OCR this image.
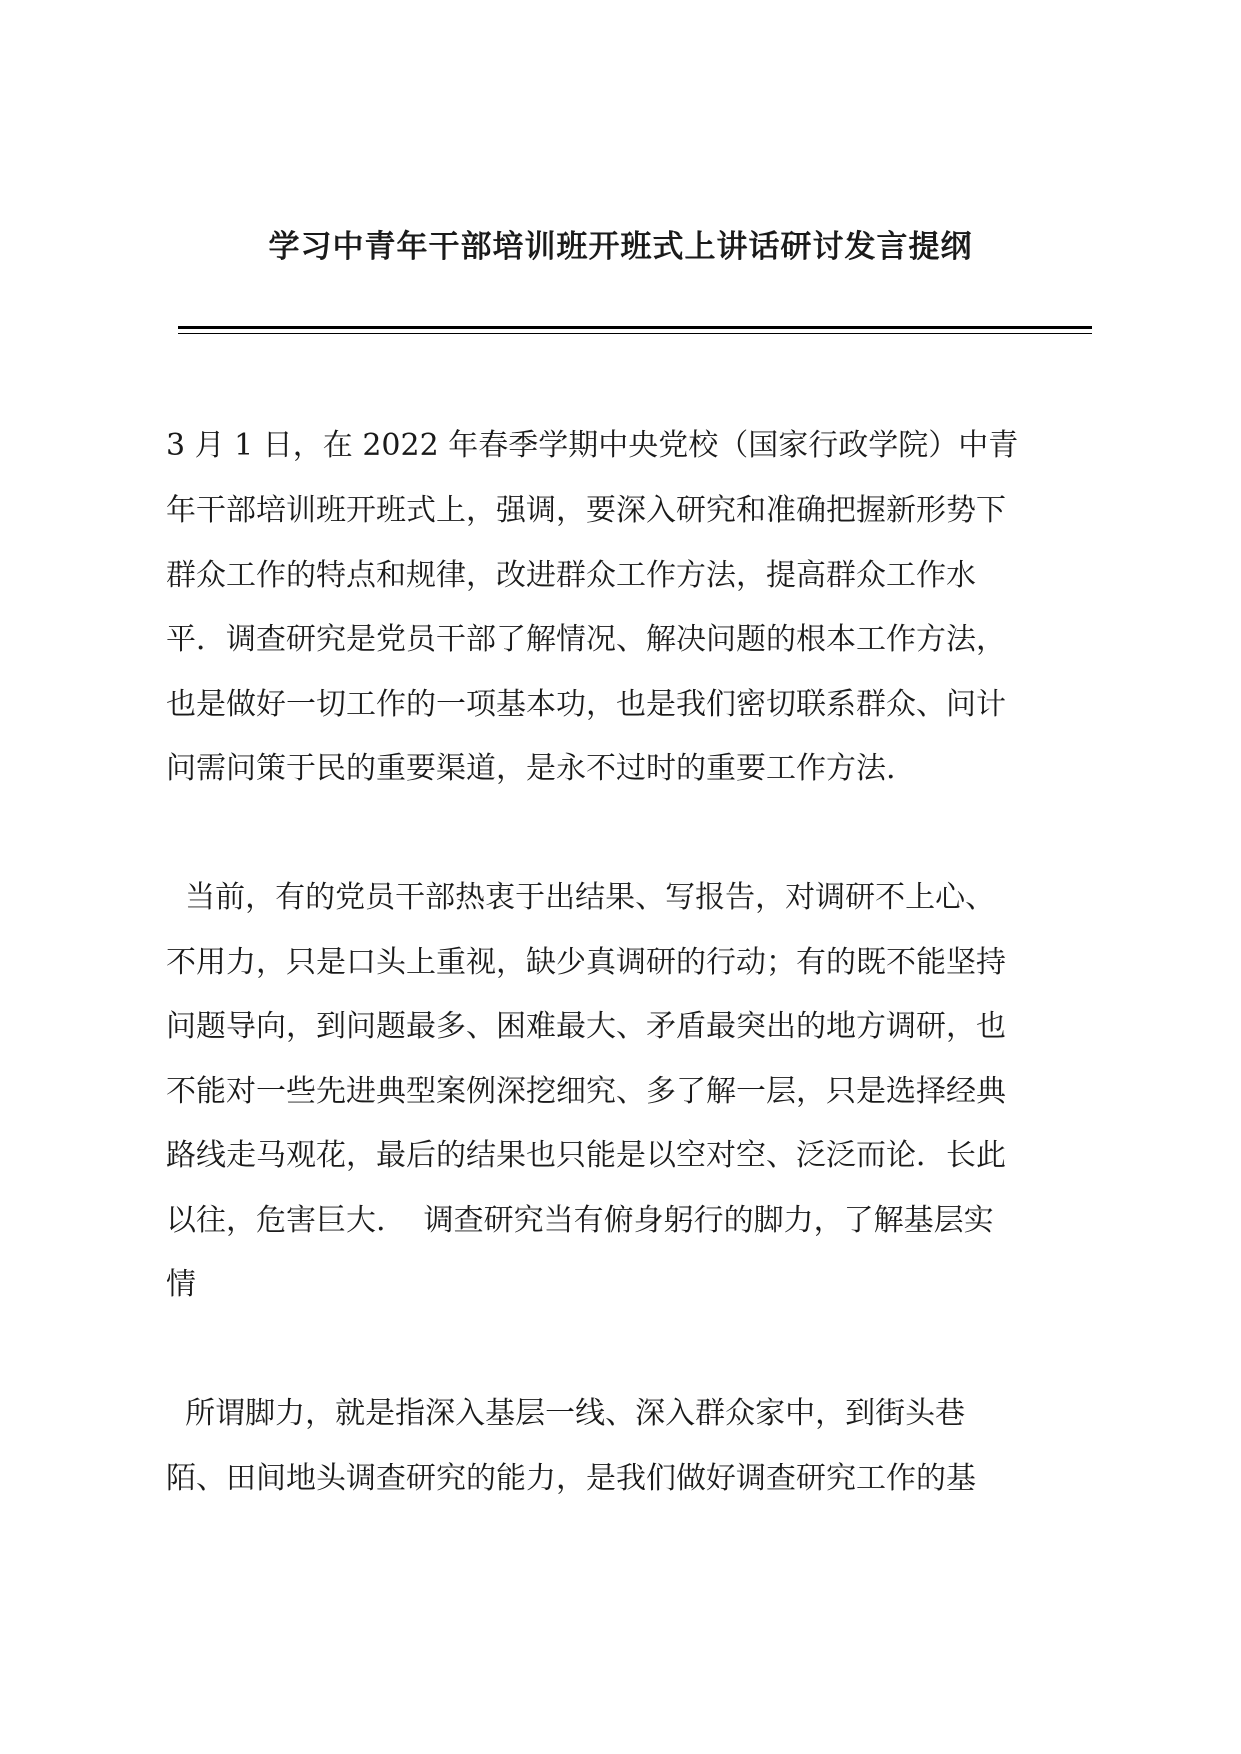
学习中青年干部培训班开班式上讲话研讨发言提纲

3 月 1 日，在 2022 年春季学期中央党校（国家行政学院）中青

年干部培训班开班式上，强调，要深入研究和准确把握新形势下

群众工作的特点和规律，改进群众工作方法，提高群众工作水

平．调查研究是党员干部了解情况、解决问题的根本工作方法，

也是做好一切工作的一项基本功，也是我们密切联系群众、问计

问需问策于民的重要渠道，是永不过时的重要工作方法.

当前，有的党员干部热衷于出结果、写报告，对调研不上心、

不用力，只是口头上重视，缺少真调研的行动；有的既不能坚持

问题导向，到问题最多、困难最大、矛盾最突出的地方调研，也

不能对一些先进典型案例深挖细究、多了解一层，只是选择经典

路线走马观花，最后的结果也只能是以空对空、泛泛而论．长此

以往，危害巨大.    调查研究当有俯身躬行的脚力，了解基层实

情

所谓脚力，就是指深入基层一线、深入群众家中，到街头巷

陌、田间地头调查研究的能力，是我们做好调查研究工作的基
